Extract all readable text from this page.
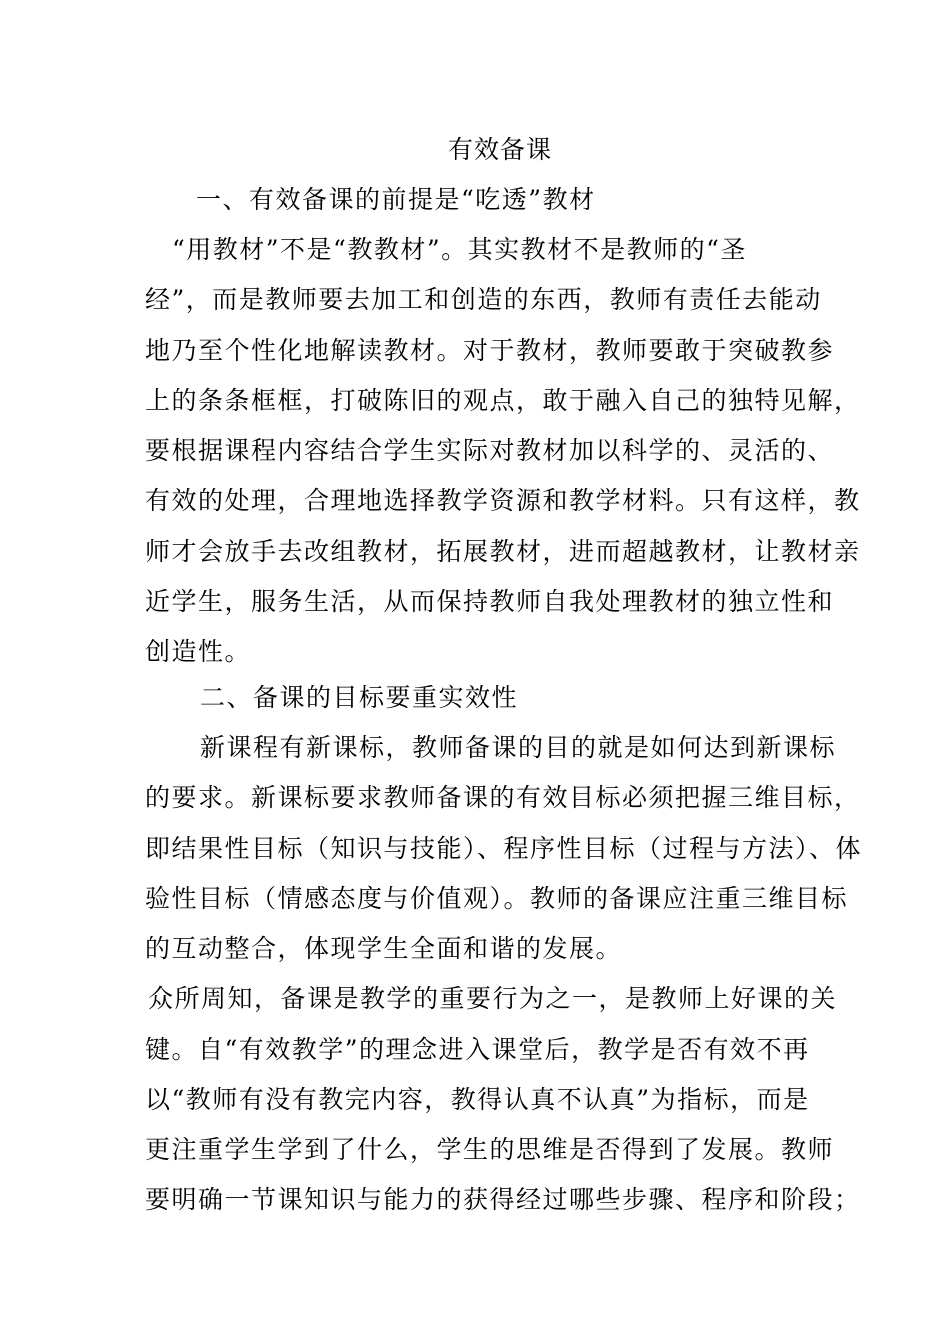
有效备课
一、有效备课的前提是“吃透”教材
“用教材”不是“教教材”。其实教材不是教师的“圣
经”，而是教师要去加工和创造的东西，教师有责任去能动
地乃至个性化地解读教材。对于教材，教师要敢于突破教参
上的条条框框，打破陈旧的观点，敢于融入自己的独特见解，
要根据课程内容结合学生实际对教材加以科学的、灵活的、
有效的处理，合理地选择教学资源和教学材料。只有这样，教
师才会放手去改组教材，拓展教材，进而超越教材，让教材亲
近学生，服务生活，从而保持教师自我处理教材的独立性和
创造性。
二、备课的目标要重实效性
新课程有新课标，教师备课的目的就是如何达到新课标
的要求。新课标要求教师备课的有效目标必须把握三维目标，
即结果性目标（知识与技能）、程序性目标（过程与方法）、体
验性目标（情感态度与价值观）。教师的备课应注重三维目标
的互动整合，体现学生全面和谐的发展。
众所周知，备课是教学的重要行为之一，是教师上好课的关
键。自“有效教学”的理念进入课堂后，教学是否有效不再
以“教师有没有教完内容，教得认真不认真”为指标，而是
更注重学生学到了什么，学生的思维是否得到了发展。教师
要明确一节课知识与能力的获得经过哪些步骤、程序和阶段；
